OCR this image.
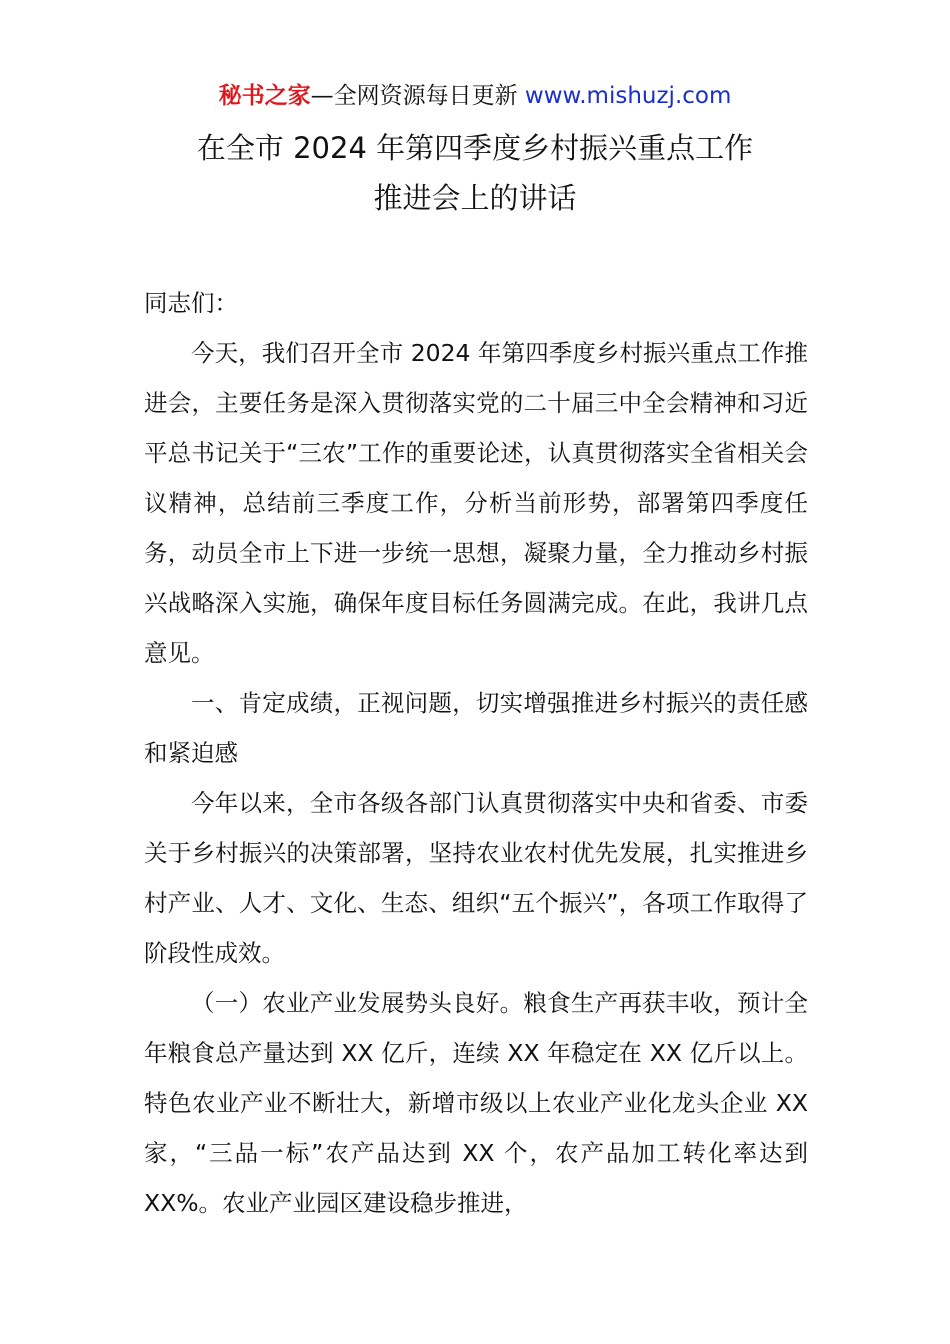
秘书之家—全网资源每日更新 www.mishuzj.com
在全市 2024 年第四季度乡村振兴重点工作
推进会上的讲话

同志们：

今天，我们召开全市 2024 年第四季度乡村振兴重点工作推进会，主要任务是深入贯彻落实党的二十届三中全会精神和习近平总书记关于“三农”工作的重要论述，认真贯彻落实全省相关会议精神，总结前三季度工作，分析当前形势，部署第四季度任务，动员全市上下进一步统一思想，凝聚力量，全力推动乡村振兴战略深入实施，确保年度目标任务圆满完成。在此，我讲几点意见。

一、肯定成绩，正视问题，切实增强推进乡村振兴的责任感和紧迫感

今年以来，全市各级各部门认真贯彻落实中央和省委、市委关于乡村振兴的决策部署，坚持农业农村优先发展，扎实推进乡村产业、人才、文化、生态、组织“五个振兴”，各项工作取得了阶段性成效。

（一）农业产业发展势头良好。粮食生产再获丰收，预计全年粮食总产量达到 XX 亿斤，连续 XX 年稳定在 XX 亿斤以上。特色农业产业不断壮大，新增市级以上农业产业化龙头企业 XX 家，“三品一标”农产品达到 XX 个，农产品加工转化率达到 XX%。农业产业园区建设稳步推进，
